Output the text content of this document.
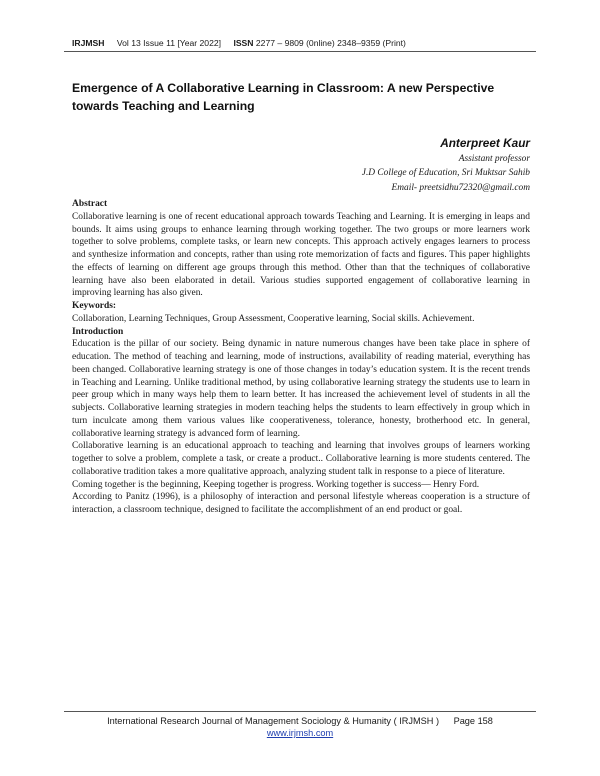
IRJMSH Vol 13 Issue 11 [Year 2022] ISSN 2277 – 9809 (0nline) 2348–9359 (Print)
Emergence of A Collaborative Learning in Classroom: A new Perspective towards Teaching and Learning
Anterpreet Kaur
Assistant professor
J.D College of Education, Sri Muktsar Sahib
Email- preetsidhu72320@gmail.com
Abstract

Collaborative learning is one of recent educational approach towards Teaching and Learning. It is emerging in leaps and bounds. It aims using groups to enhance learning through working together. The two groups or more learners work together to solve problems, complete tasks, or learn new concepts. This approach actively engages learners to process and synthesize information and concepts, rather than using rote memorization of facts and figures. This paper highlights the effects of learning on different age groups through this method. Other than that the techniques of collaborative learning have also been elaborated in detail. Various studies supported engagement of collaborative learning in improving learning has also given.

Keywords:

Collaboration, Learning Techniques, Group Assessment, Cooperative learning, Social skills. Achievement.

Introduction

Education is the pillar of our society. Being dynamic in nature numerous changes have been take place in sphere of education. The method of teaching and learning, mode of instructions, availability of reading material, everything has been changed. Collaborative learning strategy is one of those changes in today’s education system. It is the recent trends in Teaching and Learning. Unlike traditional method, by using collaborative learning strategy the students use to learn in peer group which in many ways help them to learn better. It has increased the achievement level of students in all the subjects. Collaborative learning strategies in modern teaching helps the students to learn effectively in group which in turn inculcate among them various values like cooperativeness, tolerance, honesty, brotherhood etc. In general, collaborative learning strategy is advanced form of learning.

Collaborative learning is an educational approach to teaching and learning that involves groups of learners working together to solve a problem, complete a task, or create a product.. Collaborative learning is more students centered. The collaborative tradition takes a more qualitative approach, analyzing student talk in response to a piece of literature.

Coming together is the beginning, Keeping together is progress. Working together is success— Henry Ford.

According to Panitz (1996), is a philosophy of interaction and personal lifestyle whereas cooperation is a structure of interaction, a classroom technique, designed to facilitate the accomplishment of an end product or goal.

International Research Journal of Management Sociology & Humanity ( IRJMSH ) Page 158
www.irjmsh.com
